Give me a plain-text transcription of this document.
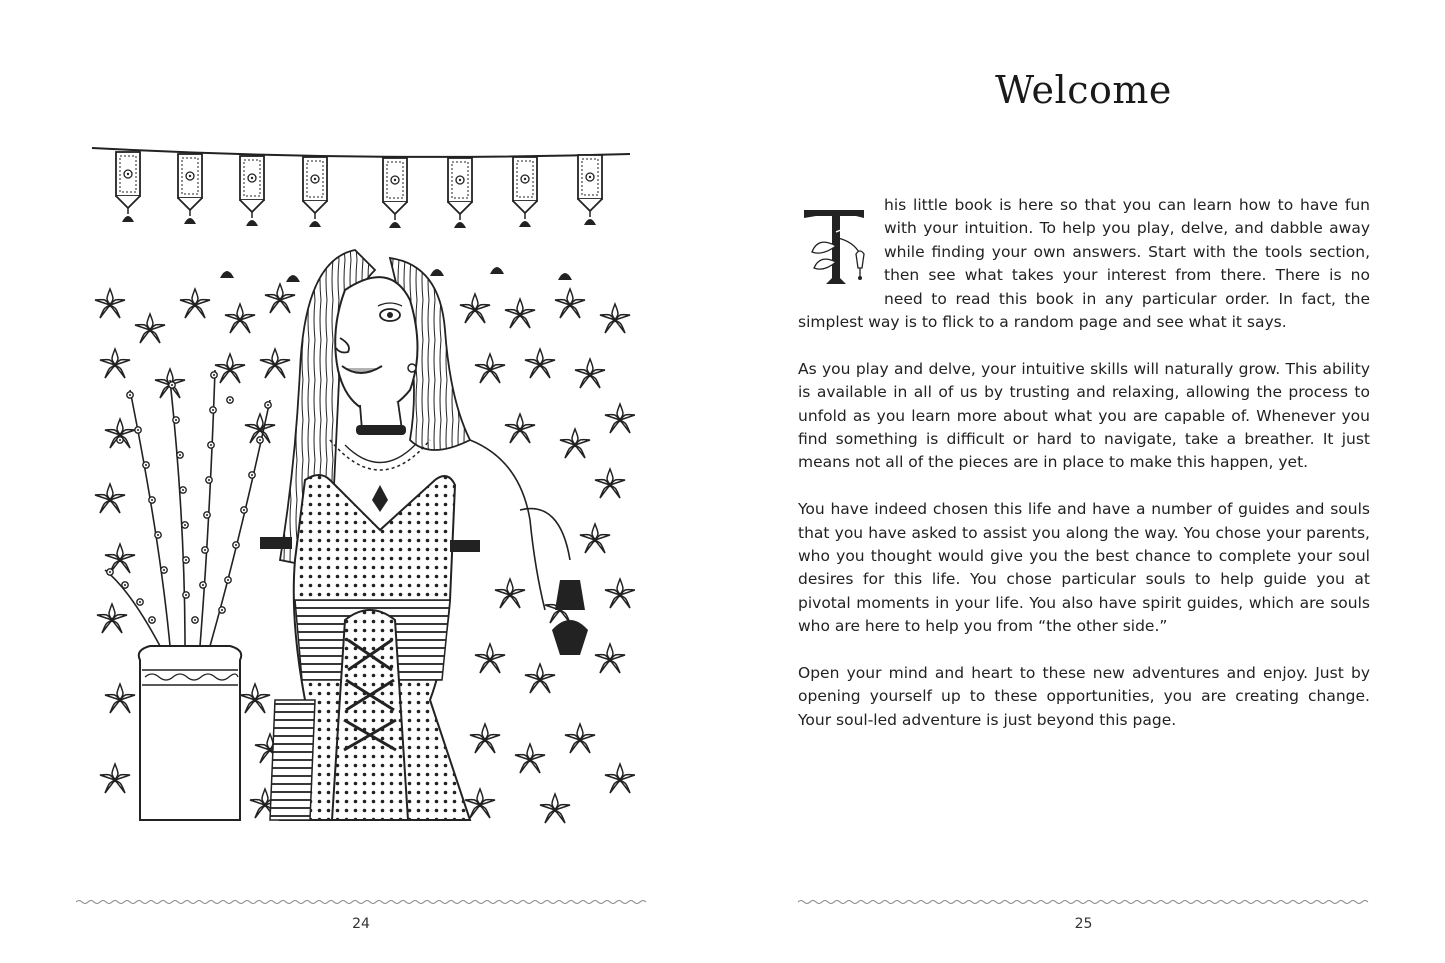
24
Welcome

his little book is here so that you can learn how to have fun with your intuition. To help you play, delve, and dabble away while finding your own answers. Start with the tools section, then see what takes your interest from there. There is no need to read this book in any particular order. In fact, the simplest way is to flick to a random page and see what it says.

As you play and delve, your intuitive skills will naturally grow. This ability is available in all of us by trusting and relaxing, allowing the process to unfold as you learn more about what you are capable of. Whenever you find something is difficult or hard to navigate, take a breather. It just means not all of the pieces are in place to make this happen, yet.

You have indeed chosen this life and have a number of guides and souls that you have asked to assist you along the way. You chose your parents, who you thought would give you the best chance to complete your soul desires for this life. You chose particular souls to help guide you at pivotal moments in your life. You also have spirit guides, which are souls who are here to help you from “the other side.”

Open your mind and heart to these new adventures and enjoy. Just by opening yourself up to these opportunities, you are creating change. Your soul-led adventure is just beyond this page.

25
